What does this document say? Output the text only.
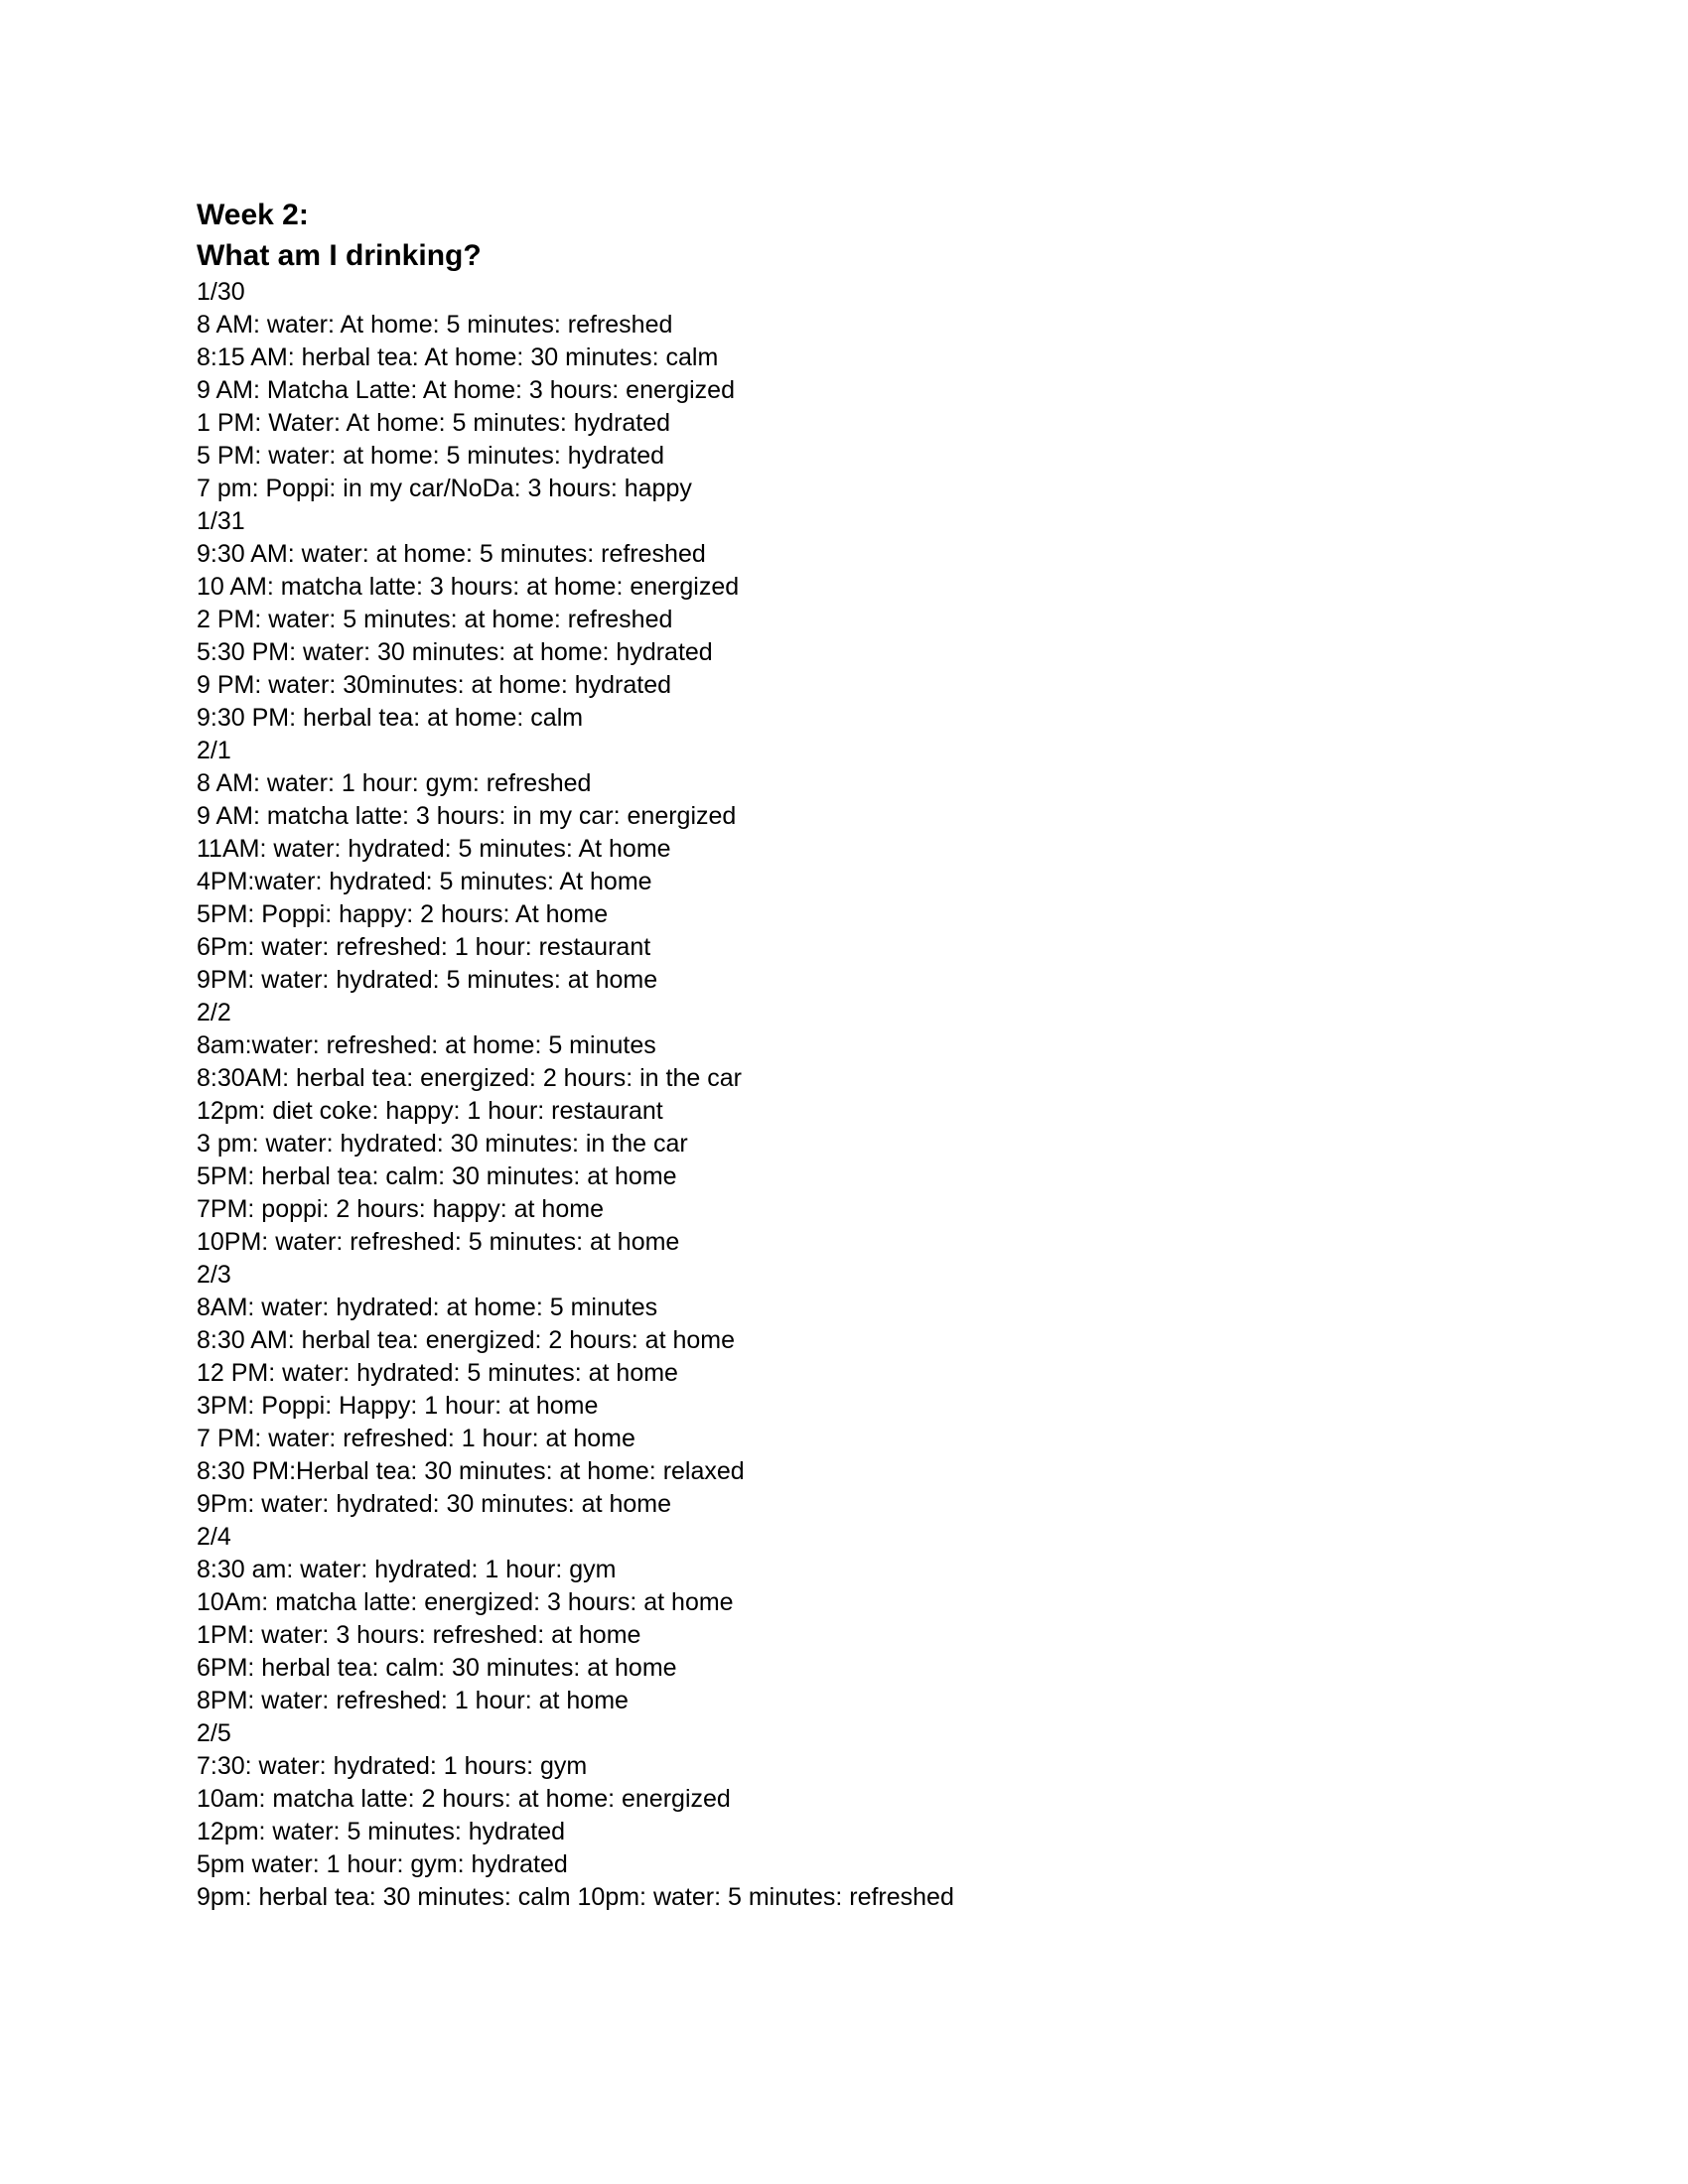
Week 2:
What am I drinking?

1/30

8 AM: water: At home: 5 minutes: refreshed

8:15 AM: herbal tea: At home: 30 minutes: calm

9 AM: Matcha Latte: At home: 3 hours: energized

1 PM: Water: At home: 5 minutes: hydrated

5 PM: water: at home: 5 minutes: hydrated

7 pm: Poppi: in my car/NoDa: 3 hours: happy

1/31

9:30 AM: water: at home: 5 minutes: refreshed

10 AM: matcha latte: 3 hours: at home: energized

2 PM: water: 5 minutes: at home: refreshed

5:30 PM: water: 30 minutes: at home: hydrated

9 PM: water: 30minutes: at home: hydrated

9:30 PM: herbal tea: at home: calm

2/1

8 AM: water: 1 hour: gym: refreshed

9 AM: matcha latte: 3 hours: in my car: energized

11AM: water: hydrated: 5 minutes: At home

4PM:water: hydrated: 5 minutes: At home

5PM: Poppi: happy: 2 hours: At home

6Pm: water: refreshed: 1 hour: restaurant

9PM: water: hydrated: 5 minutes: at home

2/2

8am:water: refreshed: at home: 5 minutes

8:30AM: herbal tea: energized: 2 hours: in the car

12pm: diet coke: happy: 1 hour: restaurant

3 pm: water: hydrated: 30 minutes: in the car

5PM: herbal tea: calm: 30 minutes: at home

7PM: poppi: 2 hours: happy: at home

10PM: water: refreshed: 5 minutes: at home

2/3

8AM: water: hydrated: at home: 5 minutes

8:30 AM: herbal tea: energized: 2 hours: at home

12 PM: water: hydrated: 5 minutes: at home

3PM: Poppi: Happy: 1 hour: at home

7 PM: water: refreshed: 1 hour: at home

8:30 PM:Herbal tea: 30 minutes: at home: relaxed

9Pm: water: hydrated: 30 minutes: at home

2/4

8:30 am: water: hydrated: 1 hour: gym

10Am: matcha latte: energized: 3 hours: at home

1PM: water: 3 hours: refreshed: at home

6PM: herbal tea: calm: 30 minutes: at home

8PM: water: refreshed: 1 hour: at home

2/5

7:30: water: hydrated: 1 hours: gym

10am: matcha latte: 2 hours: at home: energized

12pm: water: 5 minutes: hydrated

5pm water: 1 hour: gym: hydrated

9pm: herbal tea: 30 minutes: calm 10pm: water: 5 minutes: refreshed
